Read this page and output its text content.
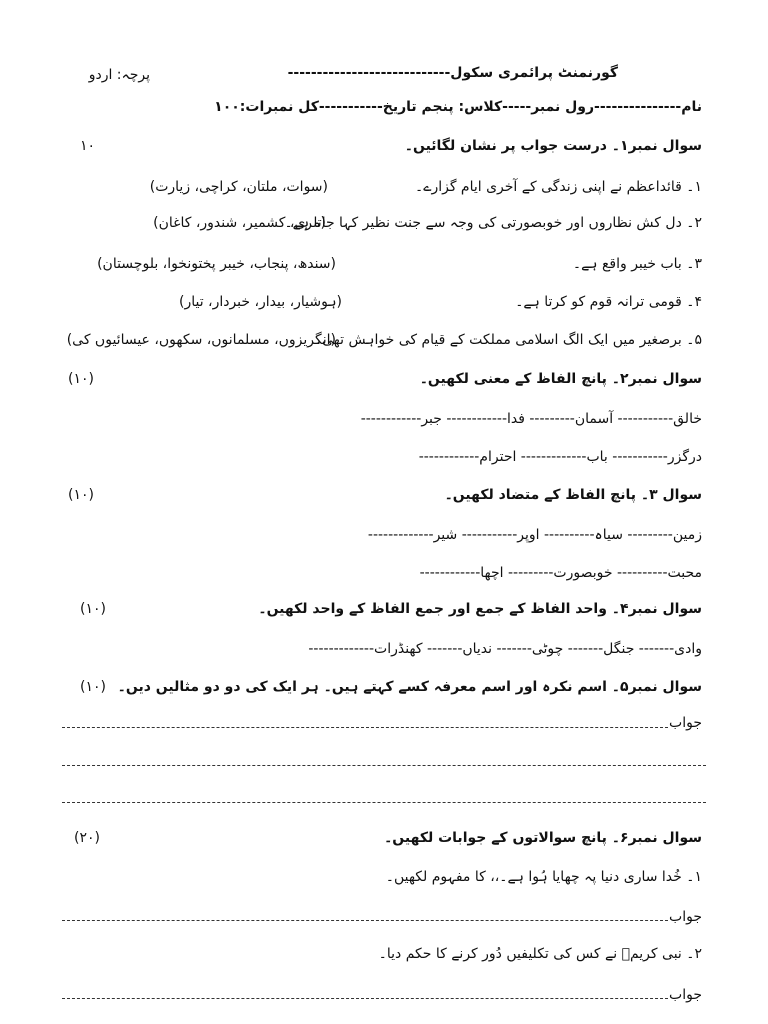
گورنمنٹ پرائمری سکول----------------------------
پرچہ: اردو
نام---------------رول نمبر-----کلاس: پنجم تاریخ-----------کل نمبرات:۱۰۰
سوال نمبر۱۔ درست جواب پر نشان لگائیں۔
۱۰
۱۔ قائداعظم نے اپنی زندگی کے آخری ایام گزارے۔
(سوات، ملتان، کراچی، زیارت)
۲۔ دل کش نظاروں اور خوبصورتی کی وجہ سے جنت نظیر کہا جاتا ہے۔
(مری، کشمیر، شندور، کاغان)
۳۔ باب خیبر واقع ہے۔
(سندھ، پنجاب، خیبر پختونخوا، بلوچستان)
۴۔ قومی ترانہ قوم کو کرتا ہے۔
(ہوشیار، بیدار، خبردار، تیار)
۵۔ برصغیر میں ایک الگ اسلامی مملکت کے قیام کی خواہش تھی۔
(انگریزوں، مسلمانوں، سکھوں، عیسائیوں کی)
سوال نمبر۲۔ پانچ الفاظ کے معنی لکھیں۔
(۱۰)
خالق----------- آسمان--------- فدا------------ جبر------------
درگزر----------- باب------------- احترام------------
سوال ۳۔ پانچ الفاظ کے متضاد لکھیں۔
(۱۰)
زمین--------- سیاہ---------- اوپر----------- شیر-------------
محبت---------- خوبصورت--------- اچھا------------
سوال نمبر۴۔ واحد الفاظ کے جمع اور جمع الفاظ کے واحد لکھیں۔
(۱۰)
وادی------- جنگل------- چوٹی------- ندیاں------- کھنڈرات-------------
سوال نمبر۵۔ اسم نکرہ اور اسم معرفہ کسے کہتے ہیں۔ ہر ایک کی دو دو مثالیں دیں۔
(۱۰)
جواب
سوال نمبر۶۔ پانچ سوالاتوں کے جوابات لکھیں۔
(۲۰)
۱۔ خُدا ساری دنیا پہ چھایا ہُوا ہے۔،، کا مفہوم لکھیں۔
جواب
۲۔ نبی کریمؐ نے کس کی تکلیفیں دُور کرنے کا حکم دیا۔
جواب
